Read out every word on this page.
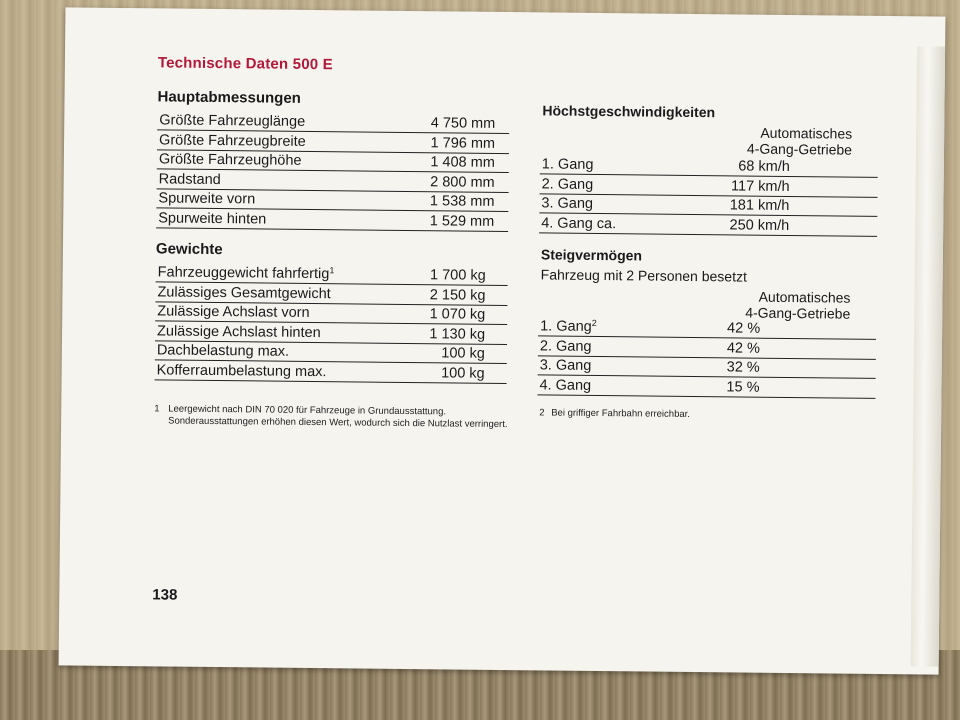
Technische Daten 500 E
Hauptabmessungen
Größte Fahrzeuglänge	4 750 mm
Größte Fahrzeugbreite	1 796 mm
Größte Fahrzeughöhe	1 408 mm
Radstand	2 800 mm
Spurweite vorn	1 538 mm
Spurweite hinten	1 529 mm
Gewichte
Fahrzeuggewicht fahrfertig$^1$	1 700 kg
Zulässiges Gesamtgewicht	2 150 kg
Zulässige Achslast vorn	1 070 kg
Zulässige Achslast hinten	1 130 kg
Dachbelastung max.	100 kg
Kofferraumbelastung max.	100 kg
1 Leergewicht nach DIN 70 020 für Fahrzeuge in Grundausstattung. Sonderausstattungen erhöhen diesen Wert, wodurch sich die Nutzlast verringert.
Höchstgeschwindigkeiten
Automatisches
4-Gang-Getriebe
1. Gang	68 km/h
2. Gang	117 km/h
3. Gang	181 km/h
4. Gang ca.	250 km/h
Steigvermögen
Fahrzeug mit 2 Personen besetzt
Automatisches
4-Gang-Getriebe
1. Gang$^2$	42 %
2. Gang	42 %
3. Gang	32 %
4. Gang	15 %
2 Bei griffiger Fahrbahn erreichbar.
138
